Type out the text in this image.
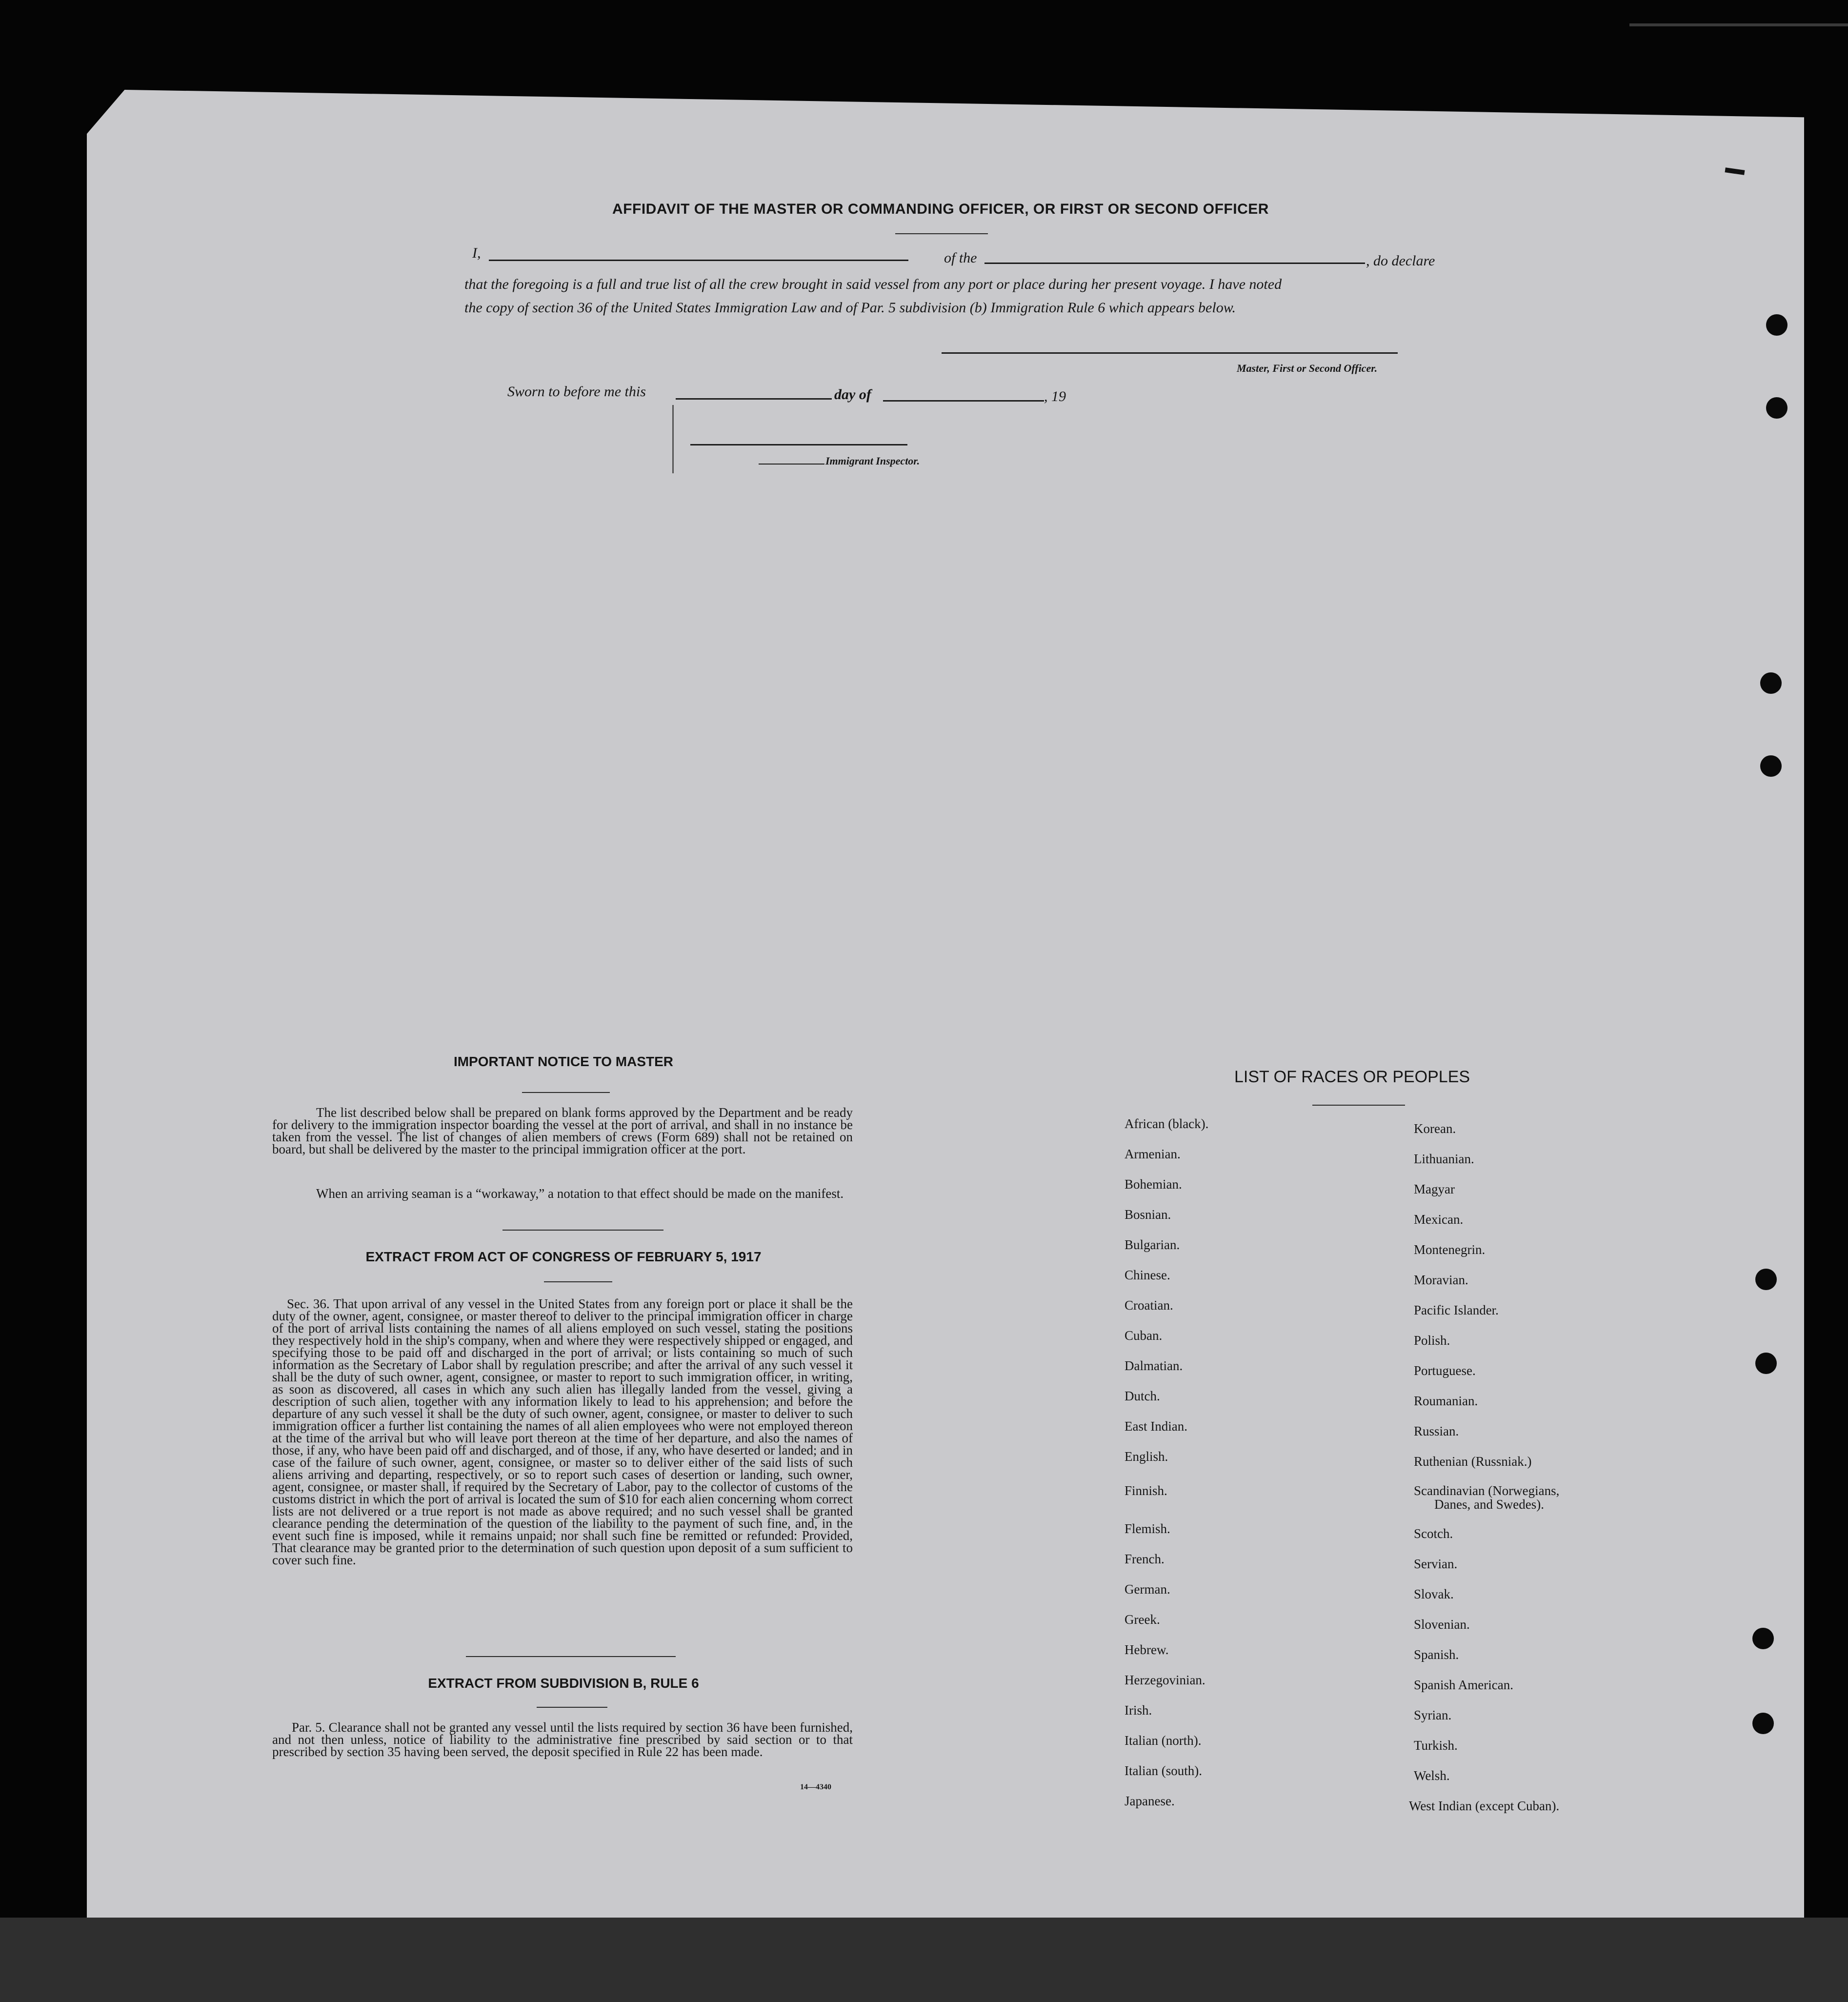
AFFIDAVIT OF THE MASTER OR COMMANDING OFFICER, OR FIRST OR SECOND OFFICER
I,	of the	, do declare
that the foregoing is a full and true list of all the crew brought in said vessel from any port or place during her present voyage. I have noted
the copy of section 36 of the United States Immigration Law and of Par. 5 subdivision (b) Immigration Rule 6 which appears below.
Master, First or Second Officer.
Sworn to before me this	day of	, 19
Immigrant Inspector.
IMPORTANT NOTICE TO MASTER
The list described below shall be prepared on blank forms approved by the Department and be ready for delivery to the immigration inspector boarding the vessel at the port of arrival, and shall in no instance be taken from the vessel. The list of changes of alien members of crews (Form 689) shall not be retained on board, but shall be delivered by the master to the principal immigration officer at the port.
When an arriving seaman is a “workaway,” a notation to that effect should be made on the manifest.
EXTRACT FROM ACT OF CONGRESS OF FEBRUARY 5, 1917
Sec. 36. That upon arrival of any vessel in the United States from any foreign port or place it shall be the duty of the owner, agent, consignee, or master thereof to deliver to the principal immigration officer in charge of the port of arrival lists containing the names of all aliens employed on such vessel, stating the positions they respectively hold in the ship's company, when and where they were respectively shipped or engaged, and specifying those to be paid off and discharged in the port of arrival; or lists containing so much of such information as the Secretary of Labor shall by regulation prescribe; and after the arrival of any such vessel it shall be the duty of such owner, agent, consignee, or master to report to such immigration officer, in writing, as soon as discovered, all cases in which any such alien has illegally landed from the vessel, giving a description of such alien, together with any information likely to lead to his apprehension; and before the departure of any such vessel it shall be the duty of such owner, agent, consignee, or master to deliver to such immigration officer a further list containing the names of all alien employees who were not employed thereon at the time of the arrival but who will leave port thereon at the time of her departure, and also the names of those, if any, who have been paid off and discharged, and of those, if any, who have deserted or landed; and in case of the failure of such owner, agent, consignee, or master so to deliver either of the said lists of such aliens arriving and departing, respectively, or so to report such cases of desertion or landing, such owner, agent, consignee, or master shall, if required by the Secretary of Labor, pay to the collector of customs of the customs district in which the port of arrival is located the sum of $10 for each alien concerning whom correct lists are not delivered or a true report is not made as above required; and no such vessel shall be granted clearance pending the determination of the question of the liability to the payment of such fine, and, in the event such fine is imposed, while it remains unpaid; nor shall such fine be remitted or refunded: Provided, That clearance may be granted prior to the determination of such question upon deposit of a sum sufficient to cover such fine.
EXTRACT FROM SUBDIVISION B, RULE 6
Par. 5. Clearance shall not be granted any vessel until the lists required by section 36 have been furnished, and not then unless, notice of liability to the administrative fine prescribed by said section or to that prescribed by section 35 having been served, the deposit specified in Rule 22 has been made.
14—4340
LIST OF RACES OR PEOPLES
African (black).
Armenian.
Bohemian.
Bosnian.
Bulgarian.
Chinese.
Croatian.
Cuban.
Dalmatian.
Dutch.
East Indian.
English.
Finnish.
Flemish.
French.
German.
Greek.
Hebrew.
Herzegovinian.
Irish.
Italian (north).
Italian (south).
Japanese.
Korean.
Lithuanian.
Magyar
Mexican.
Montenegrin.
Moravian.
Pacific Islander.
Polish.
Portuguese.
Roumanian.
Russian.
Ruthenian (Russniak.)
Scandinavian (Norwegians,
Danes, and Swedes).
Scotch.
Servian.
Slovak.
Slovenian.
Spanish.
Spanish American.
Syrian.
Turkish.
Welsh.
West Indian (except Cuban).
